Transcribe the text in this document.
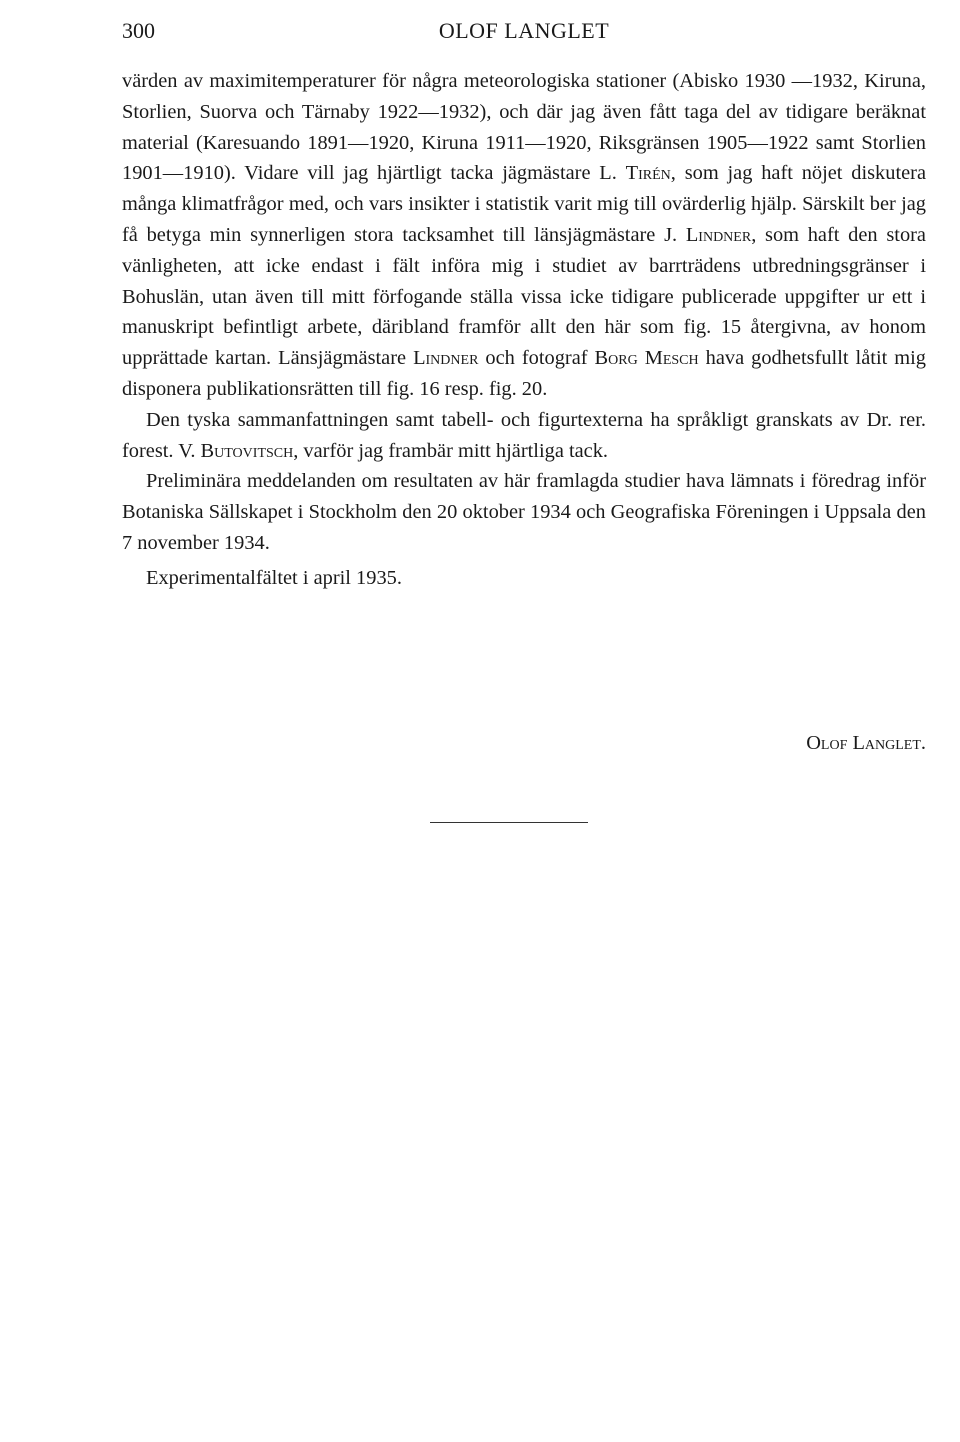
300	OLOF LANGLET

värden av maximitemperaturer för några meteorologiska stationer (Abisko 1930 —1932, Kiruna, Storlien, Suorva och Tärnaby 1922—1932), och där jag även fått taga del av tidigare beräknat material (Karesuando 1891—1920, Kiruna 1911—1920, Riksgränsen 1905—1922 samt Storlien 1901—1910). Vidare vill jag hjärtligt tacka jägmästare L. Tirén, som jag haft nöjet diskutera många klimatfrågor med, och vars insikter i statistik varit mig till ovärderlig hjälp. Särskilt ber jag få betyga min synnerligen stora tacksamhet till länsjägmästare J. Lindner, som haft den stora vänligheten, att icke endast i fält införa mig i studiet av barrträdens utbredningsgränser i Bohuslän, utan även till mitt förfogande ställa vissa icke tidigare publicerade uppgifter ur ett i manuskript befintligt arbete, däribland framför allt den här som fig. 15 återgivna, av honom upprättade kartan. Länsjägmästare Lindner och fotograf Borg Mesch hava godhetsfullt låtit mig disponera publikationsrätten till fig. 16 resp. fig. 20.

Den tyska sammanfattningen samt tabell- och figurtexterna ha språkligt granskats av Dr. rer. forest. V. Butovitsch, varför jag frambär mitt hjärtliga tack.

Preliminära meddelanden om resultaten av här framlagda studier hava lämnats i föredrag inför Botaniska Sällskapet i Stockholm den 20 oktober 1934 och Geografiska Föreningen i Uppsala den 7 november 1934.

Experimentalfältet i april 1935.

Olof Langlet.
